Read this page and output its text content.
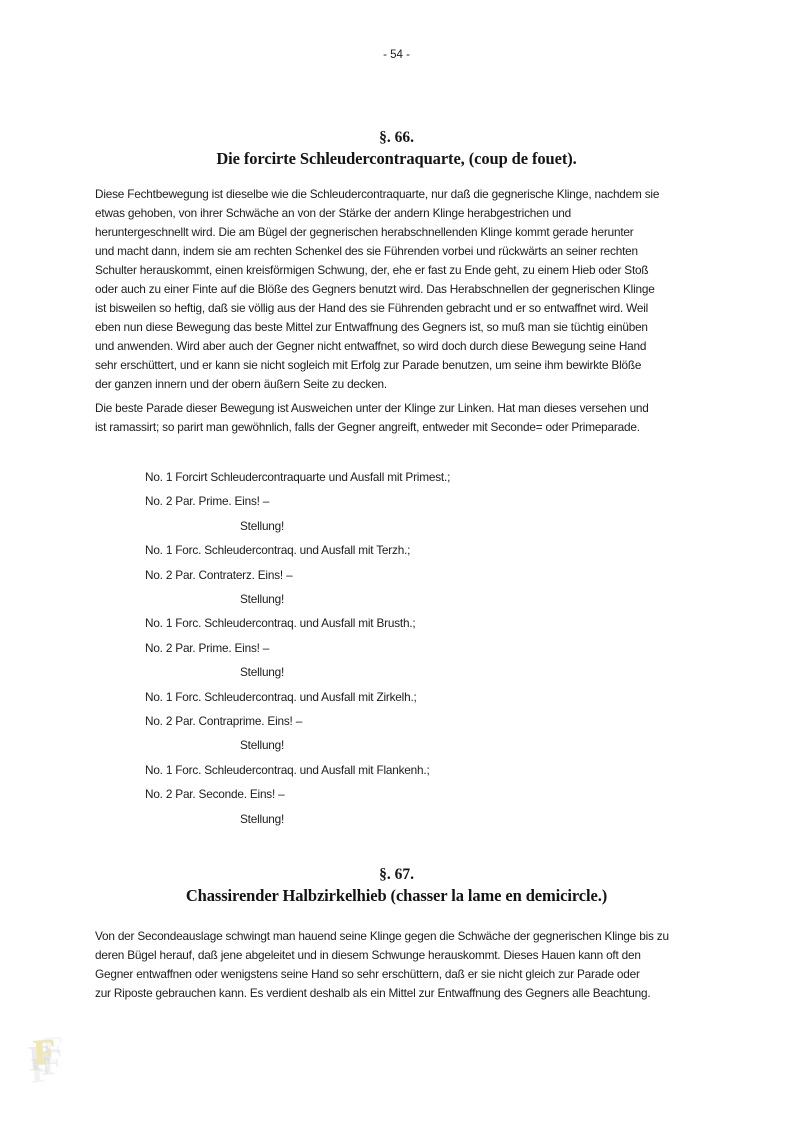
- 54 -
§. 66.
Die forcirte Schleudercontraquarte, (coup de fouet).
Diese Fechtbewegung ist dieselbe wie die Schleudercontraquarte, nur daß die gegnerische Klinge, nachdem sie
etwas gehoben, von ihrer Schwäche an von der Stärke der andern Klinge herabgestrichen und
heruntergeschnellt wird. Die am Bügel der gegnerischen herabschnellenden Klinge kommt gerade herunter
und macht dann, indem sie am rechten Schenkel des sie Führenden vorbei und rückwärts an seiner rechten
Schulter herauskommt, einen kreisförmigen Schwung, der, ehe er fast zu Ende geht, zu einem Hieb oder Stoß
oder auch zu einer Finte auf die Blöße des Gegners benutzt wird. Das Herabschnellen der gegnerischen Klinge
ist bisweilen so heftig, daß sie völlig aus der Hand des sie Führenden gebracht und er so entwaffnet wird. Weil
eben nun diese Bewegung das beste Mittel zur Entwaffnung des Gegners ist, so muß man sie tüchtig einüben
und anwenden. Wird aber auch der Gegner nicht entwaffnet, so wird doch durch diese Bewegung seine Hand
sehr erschüttert, und er kann sie nicht sogleich mit Erfolg zur Parade benutzen, um seine ihm bewirkte Blöße
der ganzen innern und der obern äußern Seite zu decken.
Die beste Parade dieser Bewegung ist Ausweichen unter der Klinge zur Linken. Hat man dieses versehen und
ist ramassirt; so parirt man gewöhnlich, falls der Gegner angreift, entweder mit Seconde= oder Primeparade.
No. 1 Forcirt Schleudercontraquarte und Ausfall mit Primest.;
No. 2 Par. Prime. Eins! –
Stellung!
No. 1 Forc. Schleudercontraq. und Ausfall mit Terzh.;
No. 2 Par. Contraterz. Eins! –
Stellung!
No. 1 Forc. Schleudercontraq. und Ausfall mit Brusth.;
No. 2 Par. Prime. Eins! –
Stellung!
No. 1 Forc. Schleudercontraq. und Ausfall mit Zirkelh.;
No. 2 Par. Contraprime. Eins! –
Stellung!
No. 1 Forc. Schleudercontraq. und Ausfall mit Flankenh.;
No. 2 Par. Seconde. Eins! –
Stellung!
§. 67.
Chassirender Halbzirkelhieb (chasser la lame en demicircle.)
Von der Secondeauslage schwingt man hauend seine Klinge gegen die Schwäche der gegnerischen Klinge bis zu
deren Bügel herauf, daß jene abgeleitet und in diesem Schwunge herauskommt. Dieses Hauen kann oft den
Gegner entwaffnen oder wenigstens seine Hand so sehr erschüttern, daß er sie nicht gleich zur Parade oder
zur Riposte gebrauchen kann. Es verdient deshalb als ein Mittel zur Entwaffnung des Gegners alle Beachtung.
F
